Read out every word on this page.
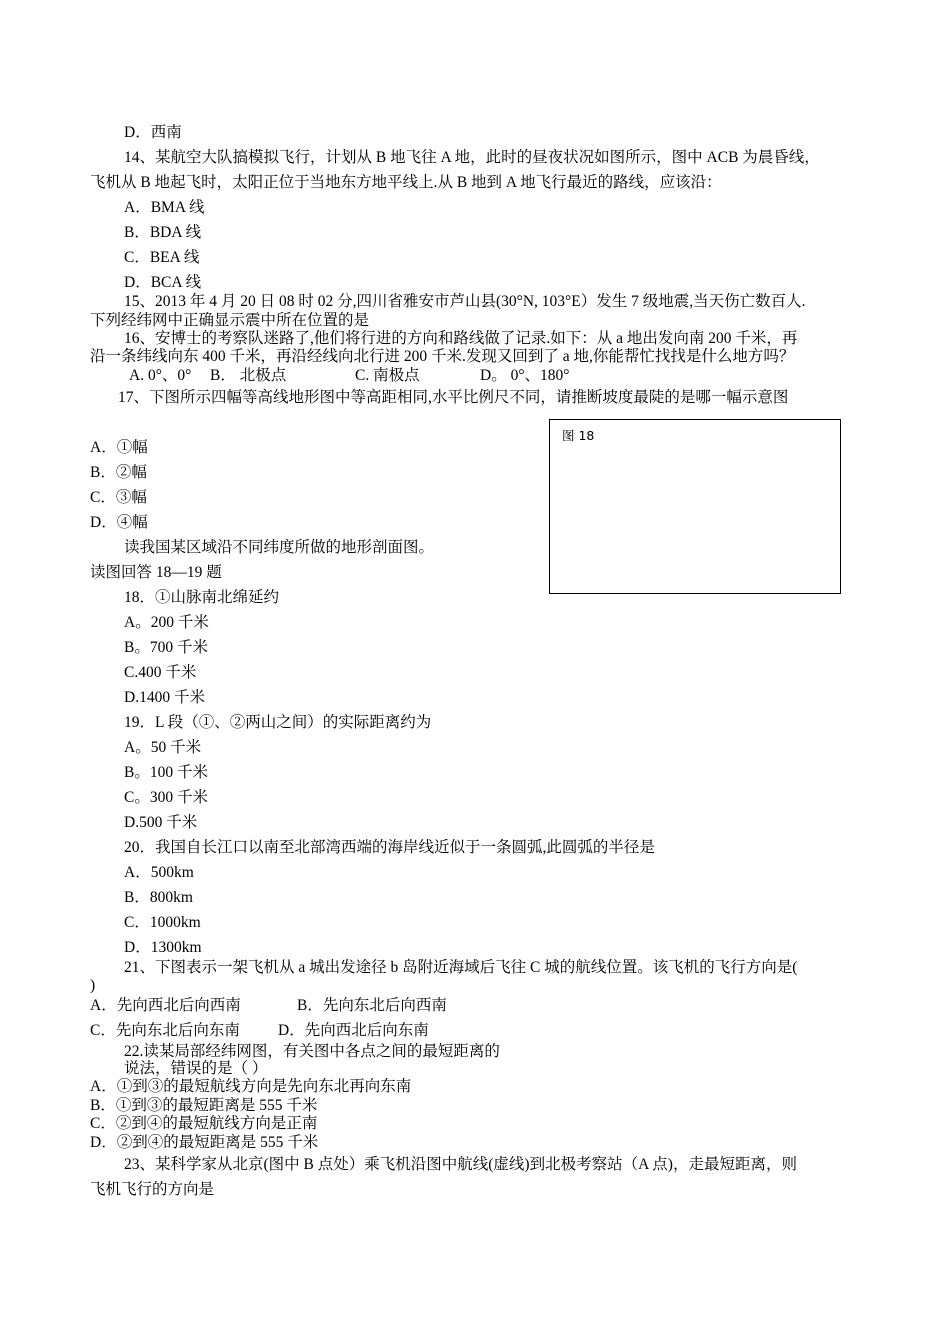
D．西南
14、某航空大队搞模拟飞行，计划从 B 地飞往 A 地，此时的昼夜状况如图所示，图中 ACB 为晨昏线，
飞机从 B 地起飞时，太阳正位于当地东方地平线上.从 B 地到 A 地飞行最近的路线，应该沿：
A．BMA 线
B．BDA 线
C．BEA 线
D．BCA 线
15、2013 年 4 月 20 日 08 时 02 分,四川省雅安市芦山县(30°N, 103°E）发生 7 级地震,当天伤亡数百人.
下列经纬网中正确显示震中所在位置的是
16、安博士的考察队迷路了,他们将行进的方向和路线做了记录.如下：从 a 地出发向南 200 千米，再
沿一条纬线向东 400 千米，再沿经线向北行进 200 千米.发现又回到了 a 地,你能帮忙找找是什么地方吗？
A. 0°、0° B． 北极点	C. 南极点	D。 0°、180°
17、下图所示四幅等高线地形图中等高距相同,水平比例尺不同，请推断坡度最陡的是哪一幅示意图
A．①幅
B．②幅
C．③幅
D．④幅
图 18
读我国某区域沿不同纬度所做的地形剖面图。
读图回答 18—19 题
18．①山脉南北绵延约
A。200 千米
B。700 千米
C.400 千米
D.1400 千米
19．L 段（①、②两山之间）的实际距离约为
A。50 千米
B。100 千米
C。300 千米
D.500 千米
20．我国自长江口以南至北部湾西端的海岸线近似于一条圆弧,此圆弧的半径是
A．500km
B．800km
C．1000km
D．1300km
21、下图表示一架飞机从 a 城出发途径 b 岛附近海域后飞往 C 城的航线位置。该飞机的飞行方向是(
)
A．先向西北后向西南	B．先向东北后向西南
C．先向东北后向东南 D．先向西北后向东南
22.读某局部经纬网图，有关图中各点之间的最短距离的
说法，错误的是（ ）
A．①到③的最短航线方向是先向东北再向东南
B．①到③的最短距离是 555 千米
C．②到④的最短航线方向是正南
D．②到④的最短距离是 555 千米
23、某科学家从北京(图中 B 点处）乘飞机沿图中航线(虚线)到北极考察站（A 点)，走最短距离，则
飞机飞行的方向是
